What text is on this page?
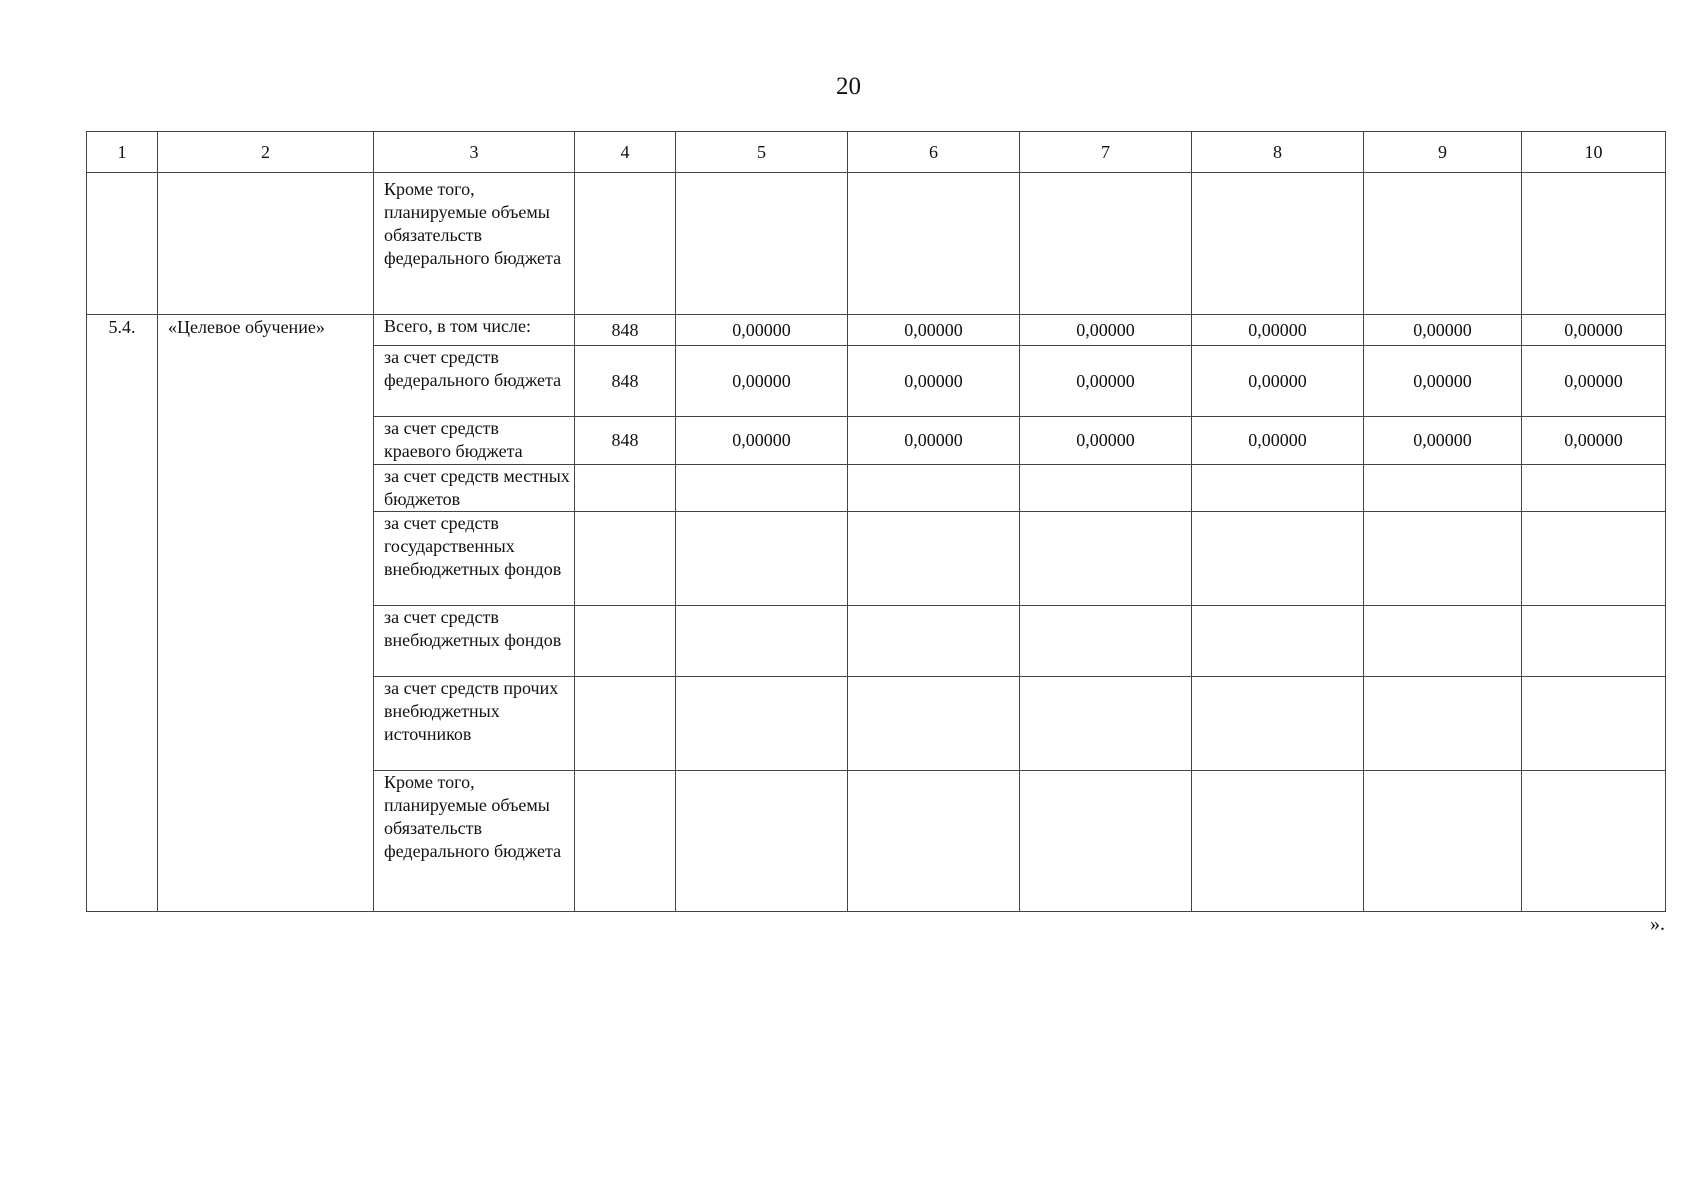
20
1	2	3	4	5	6	7	8	9	10
		Кроме того, планируемые объемы обязательств федерального бюджета							
5.4.	«Целевое обучение»	Всего, в том числе:	848	0,00000	0,00000	0,00000	0,00000	0,00000	0,00000
		за счет средств федерального бюджета	848	0,00000	0,00000	0,00000	0,00000	0,00000	0,00000
		за счет средств краевого бюджета	848	0,00000	0,00000	0,00000	0,00000	0,00000	0,00000
		за счет средств местных бюджетов							
		за счет средств государственных внебюджетных фондов							
		за счет средств внебюджетных фондов							
		за счет средств прочих внебюджетных источников							
		Кроме того, планируемые объемы обязательств федерального бюджета							
».
